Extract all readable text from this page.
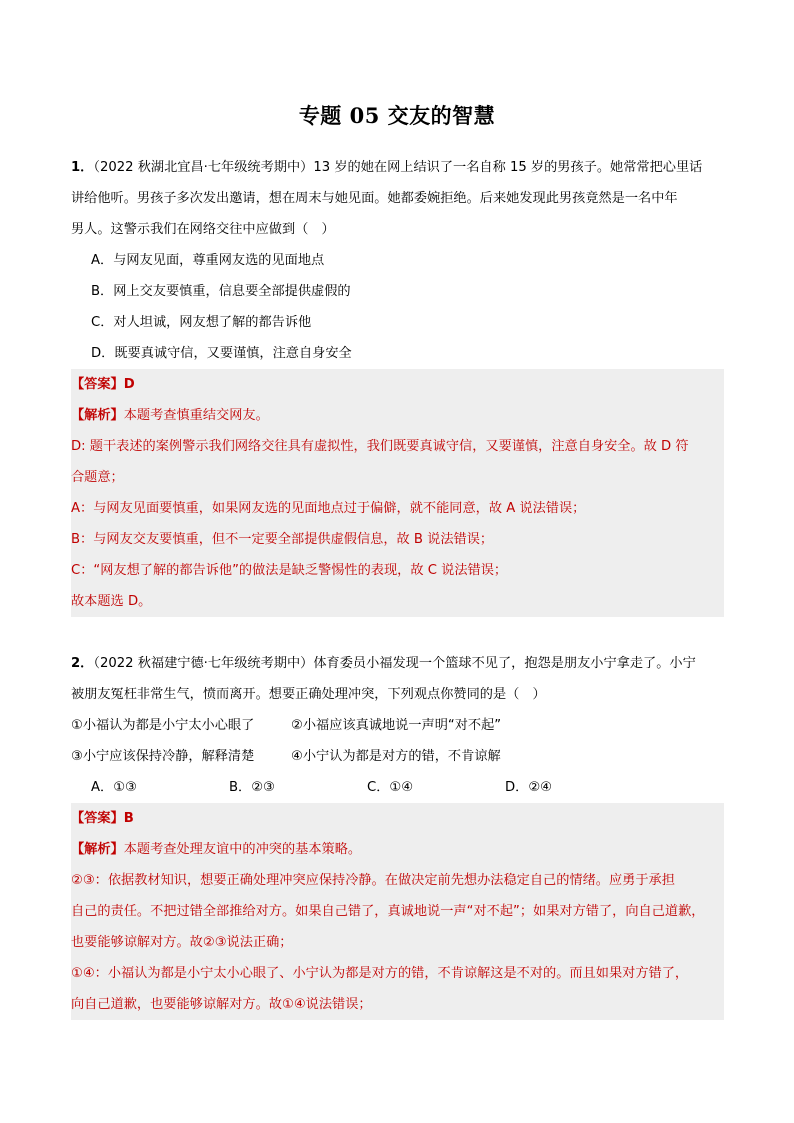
专题 05 交友的智慧
1．（2022 秋湖北宜昌·七年级统考期中）13 岁的她在网上结识了一名自称 15 岁的男孩子。她常常把心里话
讲给他听。男孩子多次发出邀请，想在周末与她见面。她都委婉拒绝。后来她发现此男孩竟然是一名中年
男人。这警示我们在网络交往中应做到（　）
A．与网友见面，尊重网友选的见面地点
B．网上交友要慎重，信息要全部提供虚假的
C．对人坦诚，网友想了解的都告诉他
D．既要真诚守信，又要谨慎，注意自身安全
【答案】D
【解析】本题考查慎重结交网友。
D: 题干表述的案例警示我们网络交往具有虚拟性，我们既要真诚守信，又要谨慎，注意自身安全。故 D 符
合题意；
A：与网友见面要慎重，如果网友选的见面地点过于偏僻，就不能同意，故 A 说法错误；
B：与网友交友要慎重，但不一定要全部提供虚假信息，故 B 说法错误；
C：“网友想了解的都告诉他”的做法是缺乏警惕性的表现，故 C 说法错误；
故本题选 D。
2．（2022 秋福建宁德·七年级统考期中）体育委员小福发现一个篮球不见了，抱怨是朋友小宁拿走了。小宁
被朋友冤枉非常生气，愤而离开。想要正确处理冲突，下列观点你赞同的是（　）
①小福认为都是小宁太小心眼了	②小福应该真诚地说一声明“对不起”
③小宁应该保持冷静，解释清楚	④小宁认为都是对方的错，不肯谅解
A．①③	B．②③	C．①④	D．②④
【答案】B
【解析】本题考查处理友谊中的冲突的基本策略。
②③：依据教材知识，想要正确处理冲突应保持冷静。在做决定前先想办法稳定自己的情绪。应勇于承担
自己的责任。不把过错全部推给对方。如果自己错了，真诚地说一声“对不起”；如果对方错了，向自己道歉，
也要能够谅解对方。故②③说法正确；
①④：小福认为都是小宁太小心眼了、小宁认为都是对方的错，不肯谅解这是不对的。而且如果对方错了，
向自己道歉，也要能够谅解对方。故①④说法错误；
